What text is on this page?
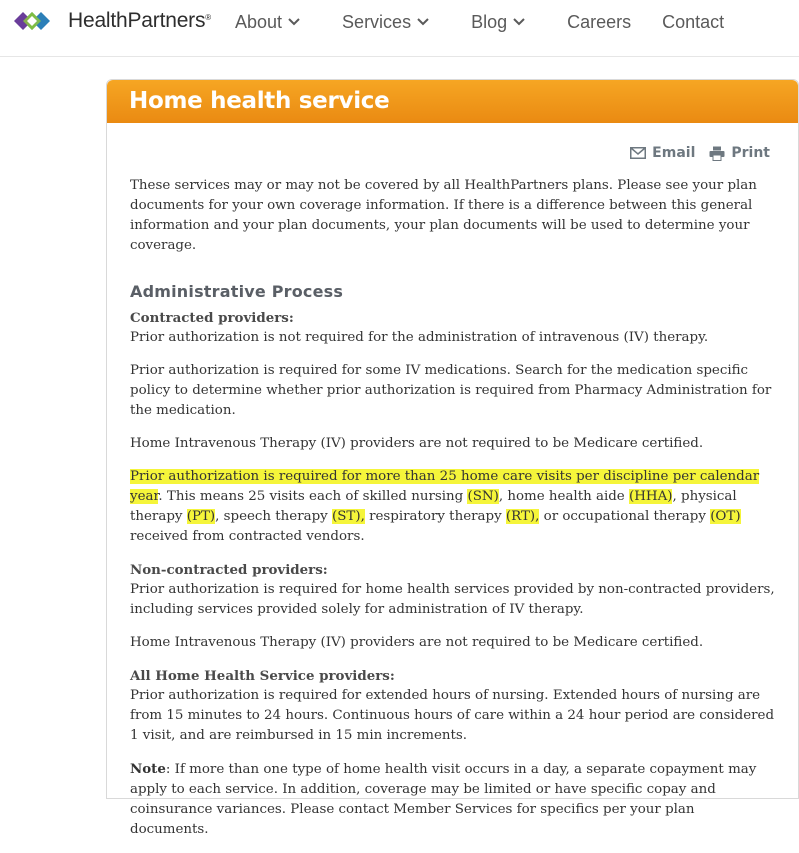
HealthPartners® About	Services	Blog	Careers Contact
Home health service
Email	Print

These services may or may not be covered by all HealthPartners plans. Please see your plan documents for your own coverage information. If there is a difference between this general information and your plan documents, your plan documents will be used to determine your coverage.

Administrative Process
Contracted providers:

Prior authorization is not required for the administration of intravenous (IV) therapy.

Prior authorization is required for some IV medications. Search for the medication specific policy to determine whether prior authorization is required from Pharmacy Administration for the medication.

Home Intravenous Therapy (IV) providers are not required to be Medicare certified.

Prior authorization is required for more than 25 home care visits per discipline per calendar year. This means 25 visits each of skilled nursing (SN), home health aide (HHA), physical therapy (PT), speech therapy (ST), respiratory therapy (RT), or occupational therapy (OT) received from contracted vendors.

Non-contracted providers:

Prior authorization is required for home health services provided by non-contracted providers, including services provided solely for administration of IV therapy.

Home Intravenous Therapy (IV) providers are not required to be Medicare certified.

All Home Health Service providers:

Prior authorization is required for extended hours of nursing. Extended hours of nursing are from 15 minutes to 24 hours. Continuous hours of care within a 24 hour period are considered 1 visit, and are reimbursed in 15 min increments.

Note: If more than one type of home health visit occurs in a day, a separate copayment may apply to each service. In addition, coverage may be limited or have specific copay and coinsurance variances. Please contact Member Services for specifics per your plan documents.
